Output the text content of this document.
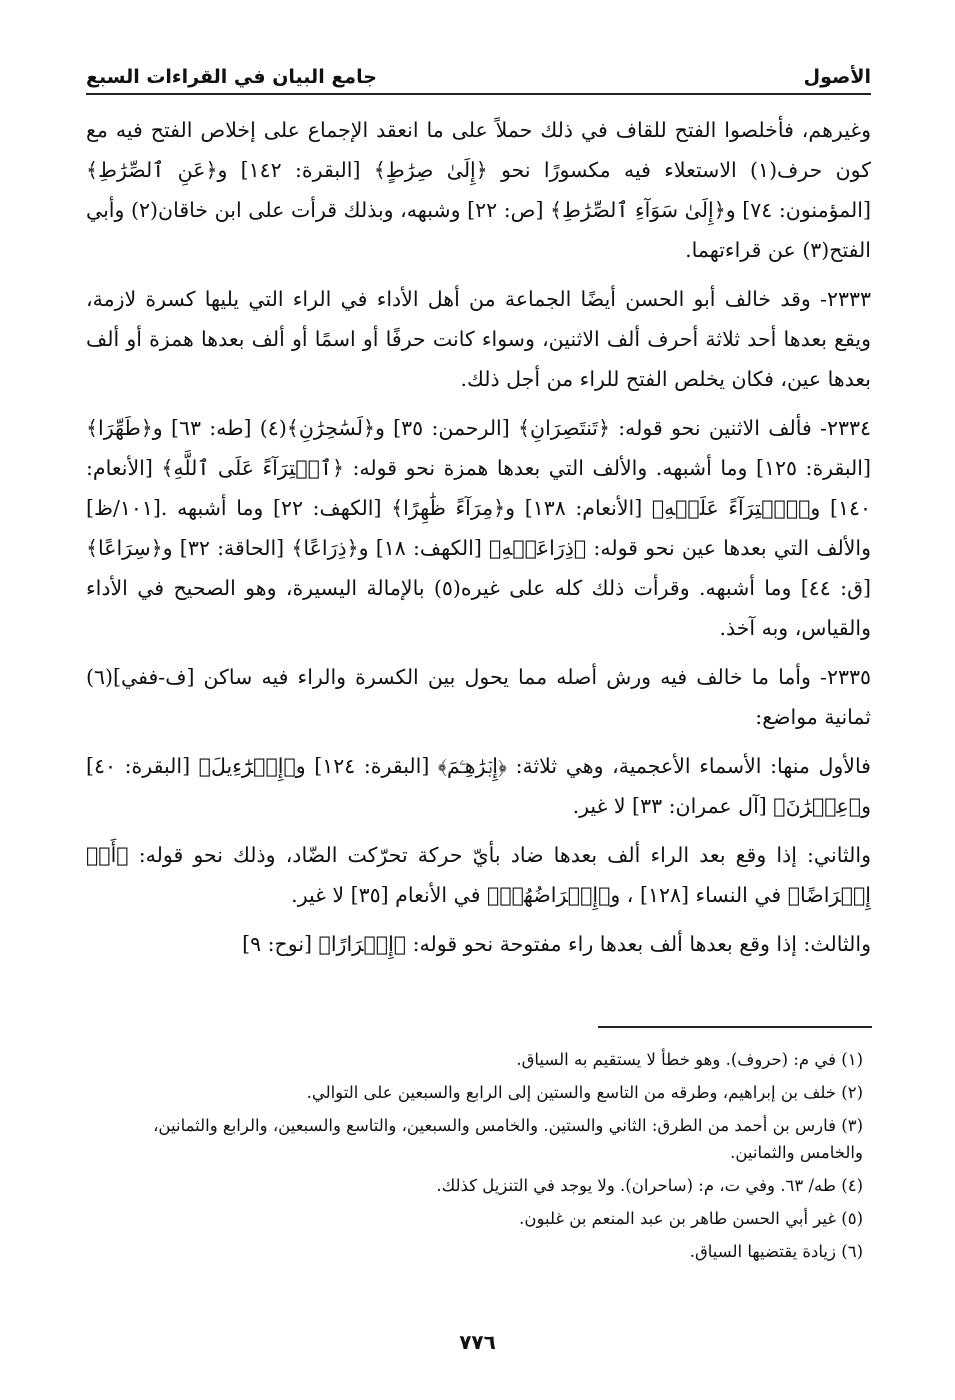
الأصول
جامع البيان في القراءات السبع

وغيرهم، فأخلصوا الفتح للقاف في ذلك حملاً على ما انعقد الإجماع على إخلاص الفتح فيه مع كون حرف(١) الاستعلاء فيه مكسورًا نحو ﴿إِلَىٰ صِرَٰطٍ﴾ [البقرة: ١٤٢] و﴿عَنِ ٱلصِّرَٰطِ﴾ [المؤمنون: ٧٤] و﴿إِلَىٰ سَوَآءِ ٱلصِّرَٰطِ﴾ [ص: ٢٢] وشبهه، وبذلك قرأت على ابن خاقان(٢) وأبي الفتح(٣) عن قراءتهما.

٢٣٣٣- وقد خالف أبو الحسن أيضًا الجماعة من أهل الأداء في الراء التي يليها كسرة لازمة، ويقع بعدها أحد ثلاثة أحرف ألف الاثنين، وسواء كانت حرفًا أو اسمًا أو ألف بعدها همزة أو ألف بعدها عين، فكان يخلص الفتح للراء من أجل ذلك.

٢٣٣٤- فألف الاثنين نحو قوله: ﴿تَنتَصِرَانِ﴾ [الرحمن: ٣٥] و﴿لَسَٰحِرَٰنِ﴾(٤) [طه: ٦٣] و﴿طَهِّرَا﴾ [البقرة: ١٢٥] وما أشبهه. والألف التي بعدها همزة نحو قوله: ﴿ٱفۡتِرَآءً عَلَى ٱللَّهِ﴾ [الأنعام: ١٤٠] و﴿ٱفۡتِرَآءً عَلَيۡهِ﴾ [الأنعام: ١٣٨] و﴿مِرَآءً ظَٰهِرًا﴾ [الكهف: ٢٢] وما أشبهه .[١٠١/ظ] والألف التي بعدها عين نحو قوله: ﴿ذِرَاعَيۡهِ﴾ [الكهف: ١٨] و﴿ذِرَاعًا﴾ [الحاقة: ٣٢] و﴿سِرَاعًا﴾ [ق: ٤٤] وما أشبهه. وقرأت ذلك كله على غيره(٥) بالإمالة اليسيرة، وهو الصحيح في الأداء والقياس، وبه آخذ.

٢٣٣٥- وأما ما خالف فيه ورش أصله مما يحول بين الكسرة والراء فيه ساكن [ف-ففي](٦) ثمانية مواضع:

فالأول منها: الأسماء الأعجمية، وهي ثلاثة: ﴿إِبۡرَٰهِـۧمَ﴾ [البقرة: ١٢٤] و﴿إِسۡرَٰٓءِيلَ﴾ [البقرة: ٤٠] و﴿عِمۡرَٰنَ﴾ [آل عمران: ٣٣] لا غير.

والثاني: إذا وقع بعد الراء ألف بعدها ضاد بأيّ حركة تحرّكت الضّاد، وذلك نحو قوله: ﴿أَوۡ إِعۡرَاضًا﴾ في النساء [١٢٨] ، و﴿إِعۡرَاضُهُمۡ﴾ في الأنعام [٣٥] لا غير.

والثالث: إذا وقع بعدها ألف بعدها راء مفتوحة نحو قوله: ﴿إِسۡرَارًا﴾ [نوح: ٩]

(١) في م: (حروف). وهو خطأ لا يستقيم به السياق.

(٢) خلف بن إبراهيم، وطرقه من التاسع والستين إلى الرابع والسبعين على التوالي.

(٣) فارس بن أحمد من الطرق: الثاني والستين. والخامس والسبعين، والتاسع والسبعين، والرابع والثمانين، والخامس والثمانين.

(٤) طه/ ٦٣. وفي ت، م: (ساحران). ولا يوجد في التنزيل كذلك.

(٥) غير أبي الحسن طاهر بن عبد المنعم بن غلبون.

(٦) زيادة يقتضيها السياق.

٧٧٦
